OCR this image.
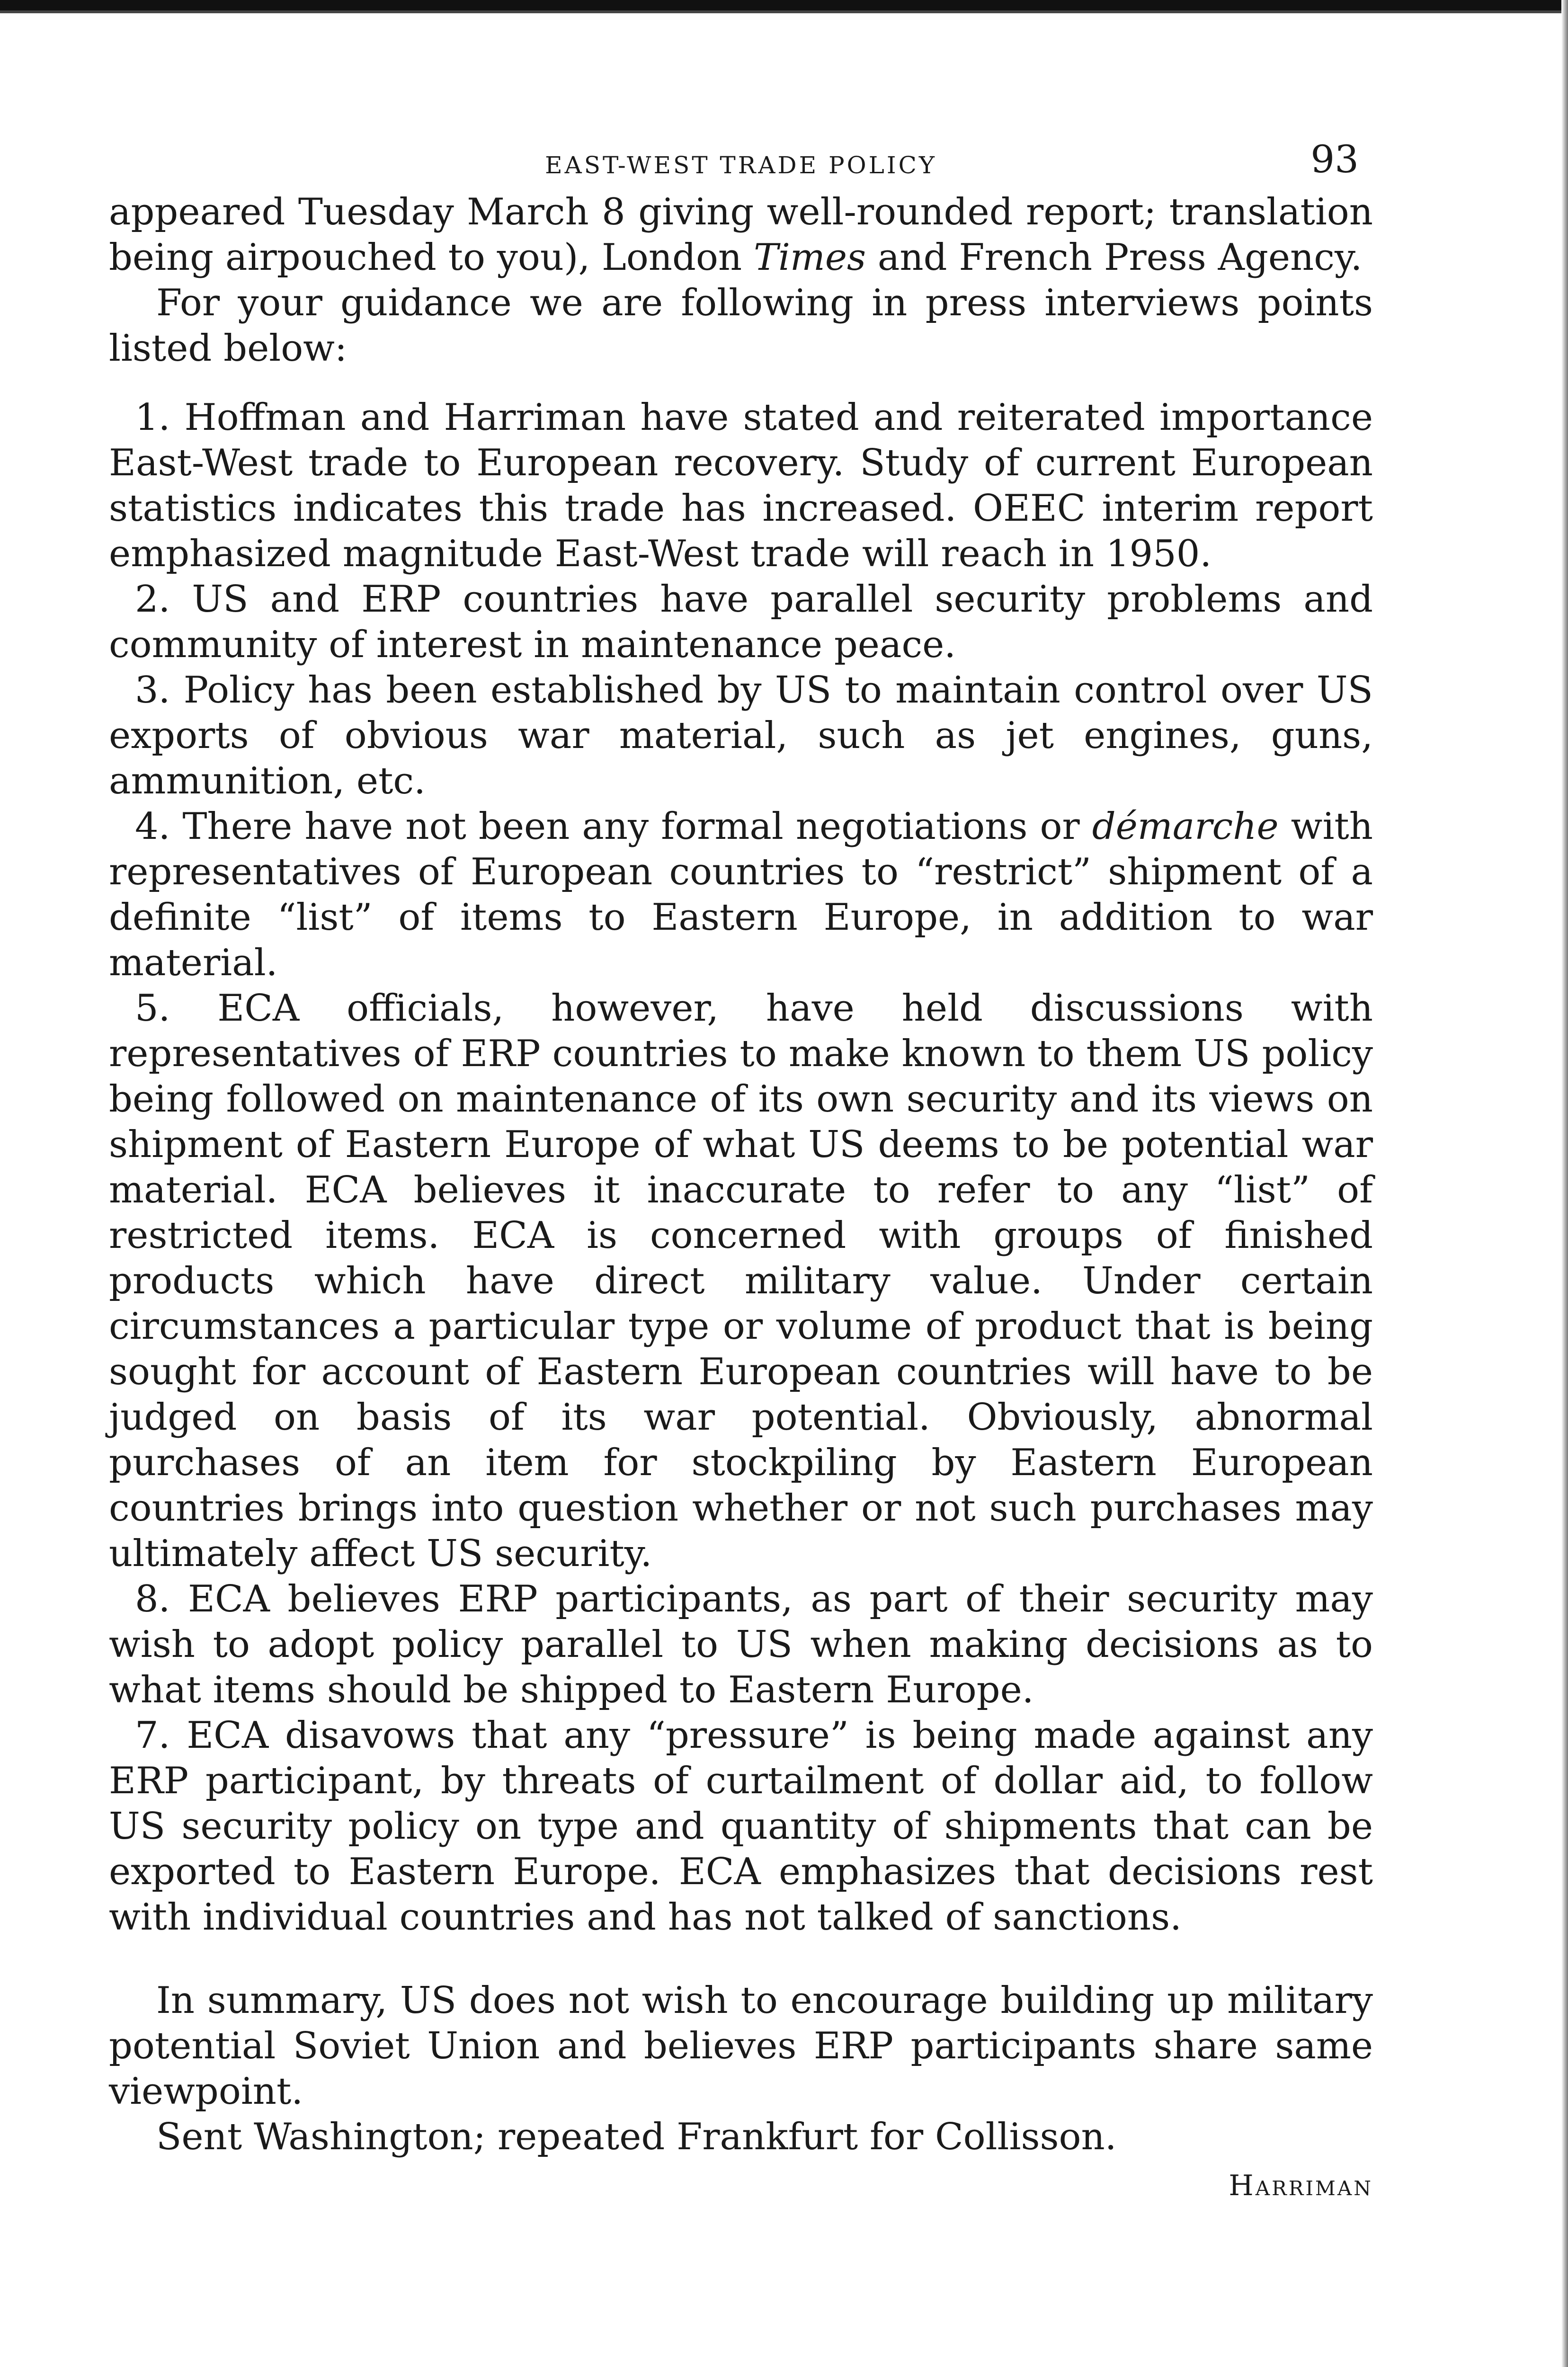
EAST-WEST TRADE POLICY	93

appeared Tuesday March 8 giving well-rounded report; translation being airpouched to you), London Times and French Press Agency.

For your guidance we are following in press interviews points listed below:

1. Hoffman and Harriman have stated and reiterated importance East-West trade to European recovery. Study of current European statistics indicates this trade has increased. OEEC interim report emphasized magnitude East-West trade will reach in 1950.

2. US and ERP countries have parallel security problems and community of interest in maintenance peace.

3. Policy has been established by US to maintain control over US exports of obvious war material, such as jet engines, guns, ammunition, etc.

4. There have not been any formal negotiations or démarche with representatives of European countries to “restrict” shipment of a definite “list” of items to Eastern Europe, in addition to war material.

5. ECA officials, however, have held discussions with representatives of ERP countries to make known to them US policy being followed on maintenance of its own security and its views on shipment of Eastern Europe of what US deems to be potential war material. ECA believes it inaccurate to refer to any “list” of restricted items. ECA is concerned with groups of finished products which have direct military value. Under certain circumstances a particular type or volume of product that is being sought for account of Eastern European countries will have to be judged on basis of its war potential. Obviously, abnormal purchases of an item for stockpiling by Eastern European countries brings into question whether or not such purchases may ultimately affect US security.

8. ECA believes ERP participants, as part of their security may wish to adopt policy parallel to US when making decisions as to what items should be shipped to Eastern Europe.

7. ECA disavows that any “pressure” is being made against any ERP participant, by threats of curtailment of dollar aid, to follow US security policy on type and quantity of shipments that can be exported to Eastern Europe. ECA emphasizes that decisions rest with individual countries and has not talked of sanctions.

In summary, US does not wish to encourage building up military potential Soviet Union and believes ERP participants share same viewpoint.

Sent Washington; repeated Frankfurt for Collisson.

Harriman
